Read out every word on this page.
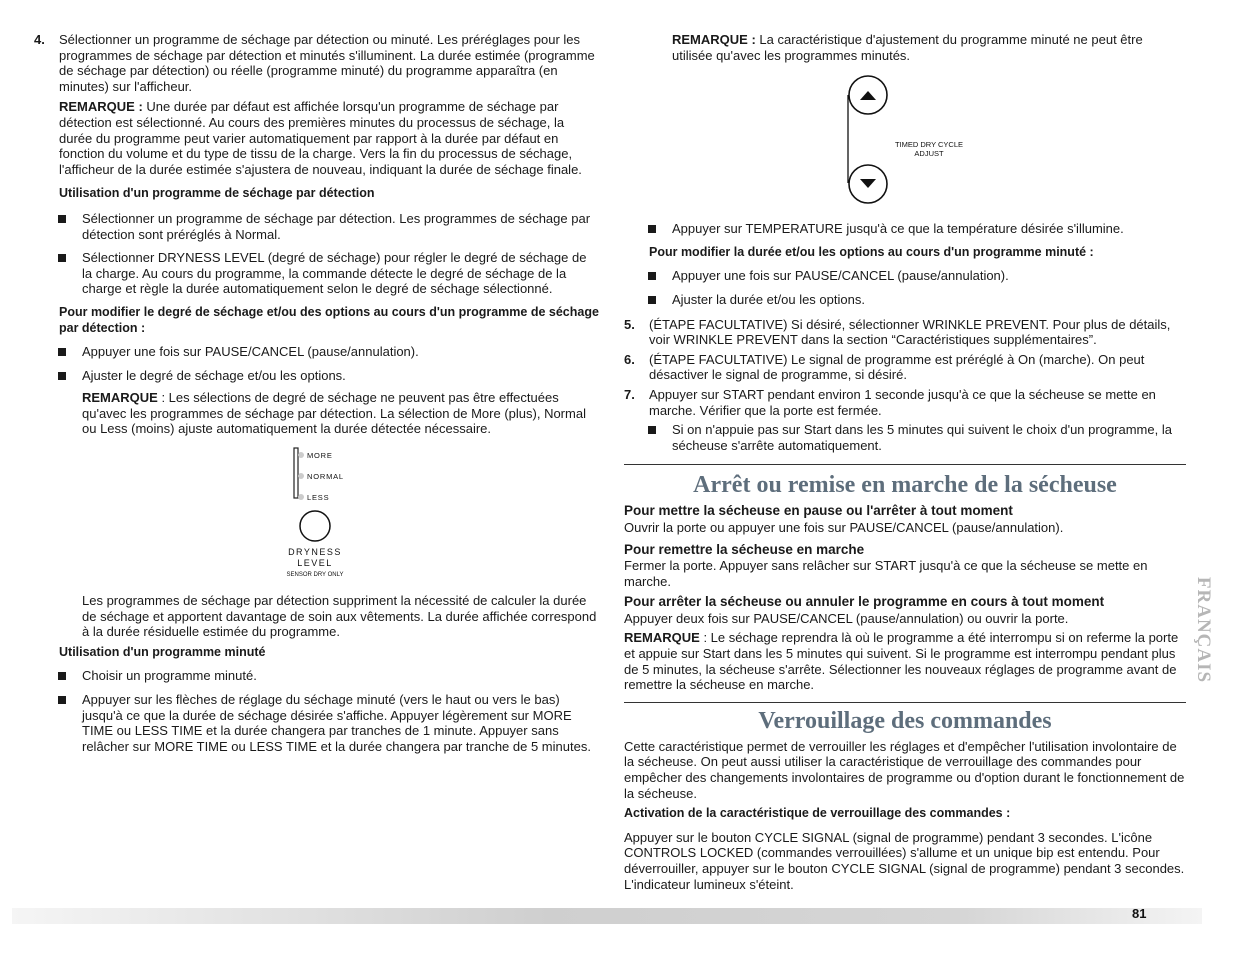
4. Sélectionner un programme de séchage par détection ou minuté. Les préréglages pour les programmes de séchage par détection et minutés s'illuminent. La durée estimée (programme de séchage par détection) ou réelle (programme minuté) du programme apparaîtra (en minutes) sur l'afficheur.

REMARQUE : Une durée par défaut est affichée lorsqu'un programme de séchage par détection est sélectionné. Au cours des premières minutes du processus de séchage, la durée du programme peut varier automatiquement par rapport à la durée par défaut en fonction du volume et du type de tissu de la charge. Vers la fin du processus de séchage, l'afficheur de la durée estimée s'ajustera de nouveau, indiquant la durée de séchage finale.

Utilisation d'un programme de séchage par détection

Sélectionner un programme de séchage par détection. Les programmes de séchage par détection sont préréglés à Normal.

Sélectionner DRYNESS LEVEL (degré de séchage) pour régler le degré de séchage de la charge. Au cours du programme, la commande détecte le degré de séchage de la charge et règle la durée automatiquement selon le degré de séchage sélectionné.

Pour modifier le degré de séchage et/ou des options au cours d'un programme de séchage par détection :

Appuyer une fois sur PAUSE/CANCEL (pause/annulation).

Ajuster le degré de séchage et/ou les options.

REMARQUE : Les sélections de degré de séchage ne peuvent pas être effectuées qu'avec les programmes de séchage par détection. La sélection de More (plus), Normal ou Less (moins) ajuste automatiquement la durée détectée nécessaire.

MORE
NORMAL
LESS
DRYNESS
LEVEL
SENSOR DRY ONLY

Les programmes de séchage par détection suppriment la nécessité de calculer la durée de séchage et apportent davantage de soin aux vêtements. La durée affichée correspond à la durée résiduelle estimée du programme.

Utilisation d'un programme minuté

Choisir un programme minuté.

Appuyer sur les flèches de réglage du séchage minuté (vers le haut ou vers le bas) jusqu'à ce que la durée de séchage désirée s'affiche. Appuyer légèrement sur MORE TIME ou LESS TIME et la durée changera par tranches de 1 minute. Appuyer sans relâcher sur MORE TIME ou LESS TIME et la durée changera par tranche de 5 minutes.

REMARQUE : La caractéristique d'ajustement du programme minuté ne peut être utilisée qu'avec les programmes minutés.

TIMED DRY CYCLE
ADJUST

Appuyer sur TEMPERATURE jusqu'à ce que la température désirée s'illumine.

Pour modifier la durée et/ou les options au cours d'un programme minuté :

Appuyer une fois sur PAUSE/CANCEL (pause/annulation).

Ajuster la durée et/ou les options.

5. (ÉTAPE FACULTATIVE) Si désiré, sélectionner WRINKLE PREVENT. Pour plus de détails, voir WRINKLE PREVENT dans la section “Caractéristiques supplémentaires”.

6. (ÉTAPE FACULTATIVE) Le signal de programme est préréglé à On (marche). On peut désactiver le signal de programme, si désiré.

7. Appuyer sur START pendant environ 1 seconde jusqu'à ce que la sécheuse se mette en marche. Vérifier que la porte est fermée.

Si on n'appuie pas sur Start dans les 5 minutes qui suivent le choix d'un programme, la sécheuse s'arrête automatiquement.

Arrêt ou remise en marche de la sécheuse

Pour mettre la sécheuse en pause ou l'arrêter à tout moment

Ouvrir la porte ou appuyer une fois sur PAUSE/CANCEL (pause/annulation).

Pour remettre la sécheuse en marche

Fermer la porte. Appuyer sans relâcher sur START jusqu'à ce que la sécheuse se mette en marche.

Pour arrêter la sécheuse ou annuler le programme en cours à tout moment

Appuyer deux fois sur PAUSE/CANCEL (pause/annulation) ou ouvrir la porte.

REMARQUE : Le séchage reprendra là où le programme a été interrompu si on referme la porte et appuie sur Start dans les 5 minutes qui suivent. Si le programme est interrompu pendant plus de 5 minutes, la sécheuse s'arrête. Sélectionner les nouveaux réglages de programme avant de remettre la sécheuse en marche.

Verrouillage des commandes

Cette caractéristique permet de verrouiller les réglages et d'empêcher l'utilisation involontaire de la sécheuse. On peut aussi utiliser la caractéristique de verrouillage des commandes pour empêcher des changements involontaires de programme ou d'option durant le fonctionnement de la sécheuse.

Activation de la caractéristique de verrouillage des commandes :

Appuyer sur le bouton CYCLE SIGNAL (signal de programme) pendant 3 secondes. L'icône CONTROLS LOCKED (commandes verrouillées) s'allume et un unique bip est entendu. Pour déverrouiller, appuyer sur le bouton CYCLE SIGNAL (signal de programme) pendant 3 secondes. L'indicateur lumineux s'éteint.

FRANÇAIS
81
